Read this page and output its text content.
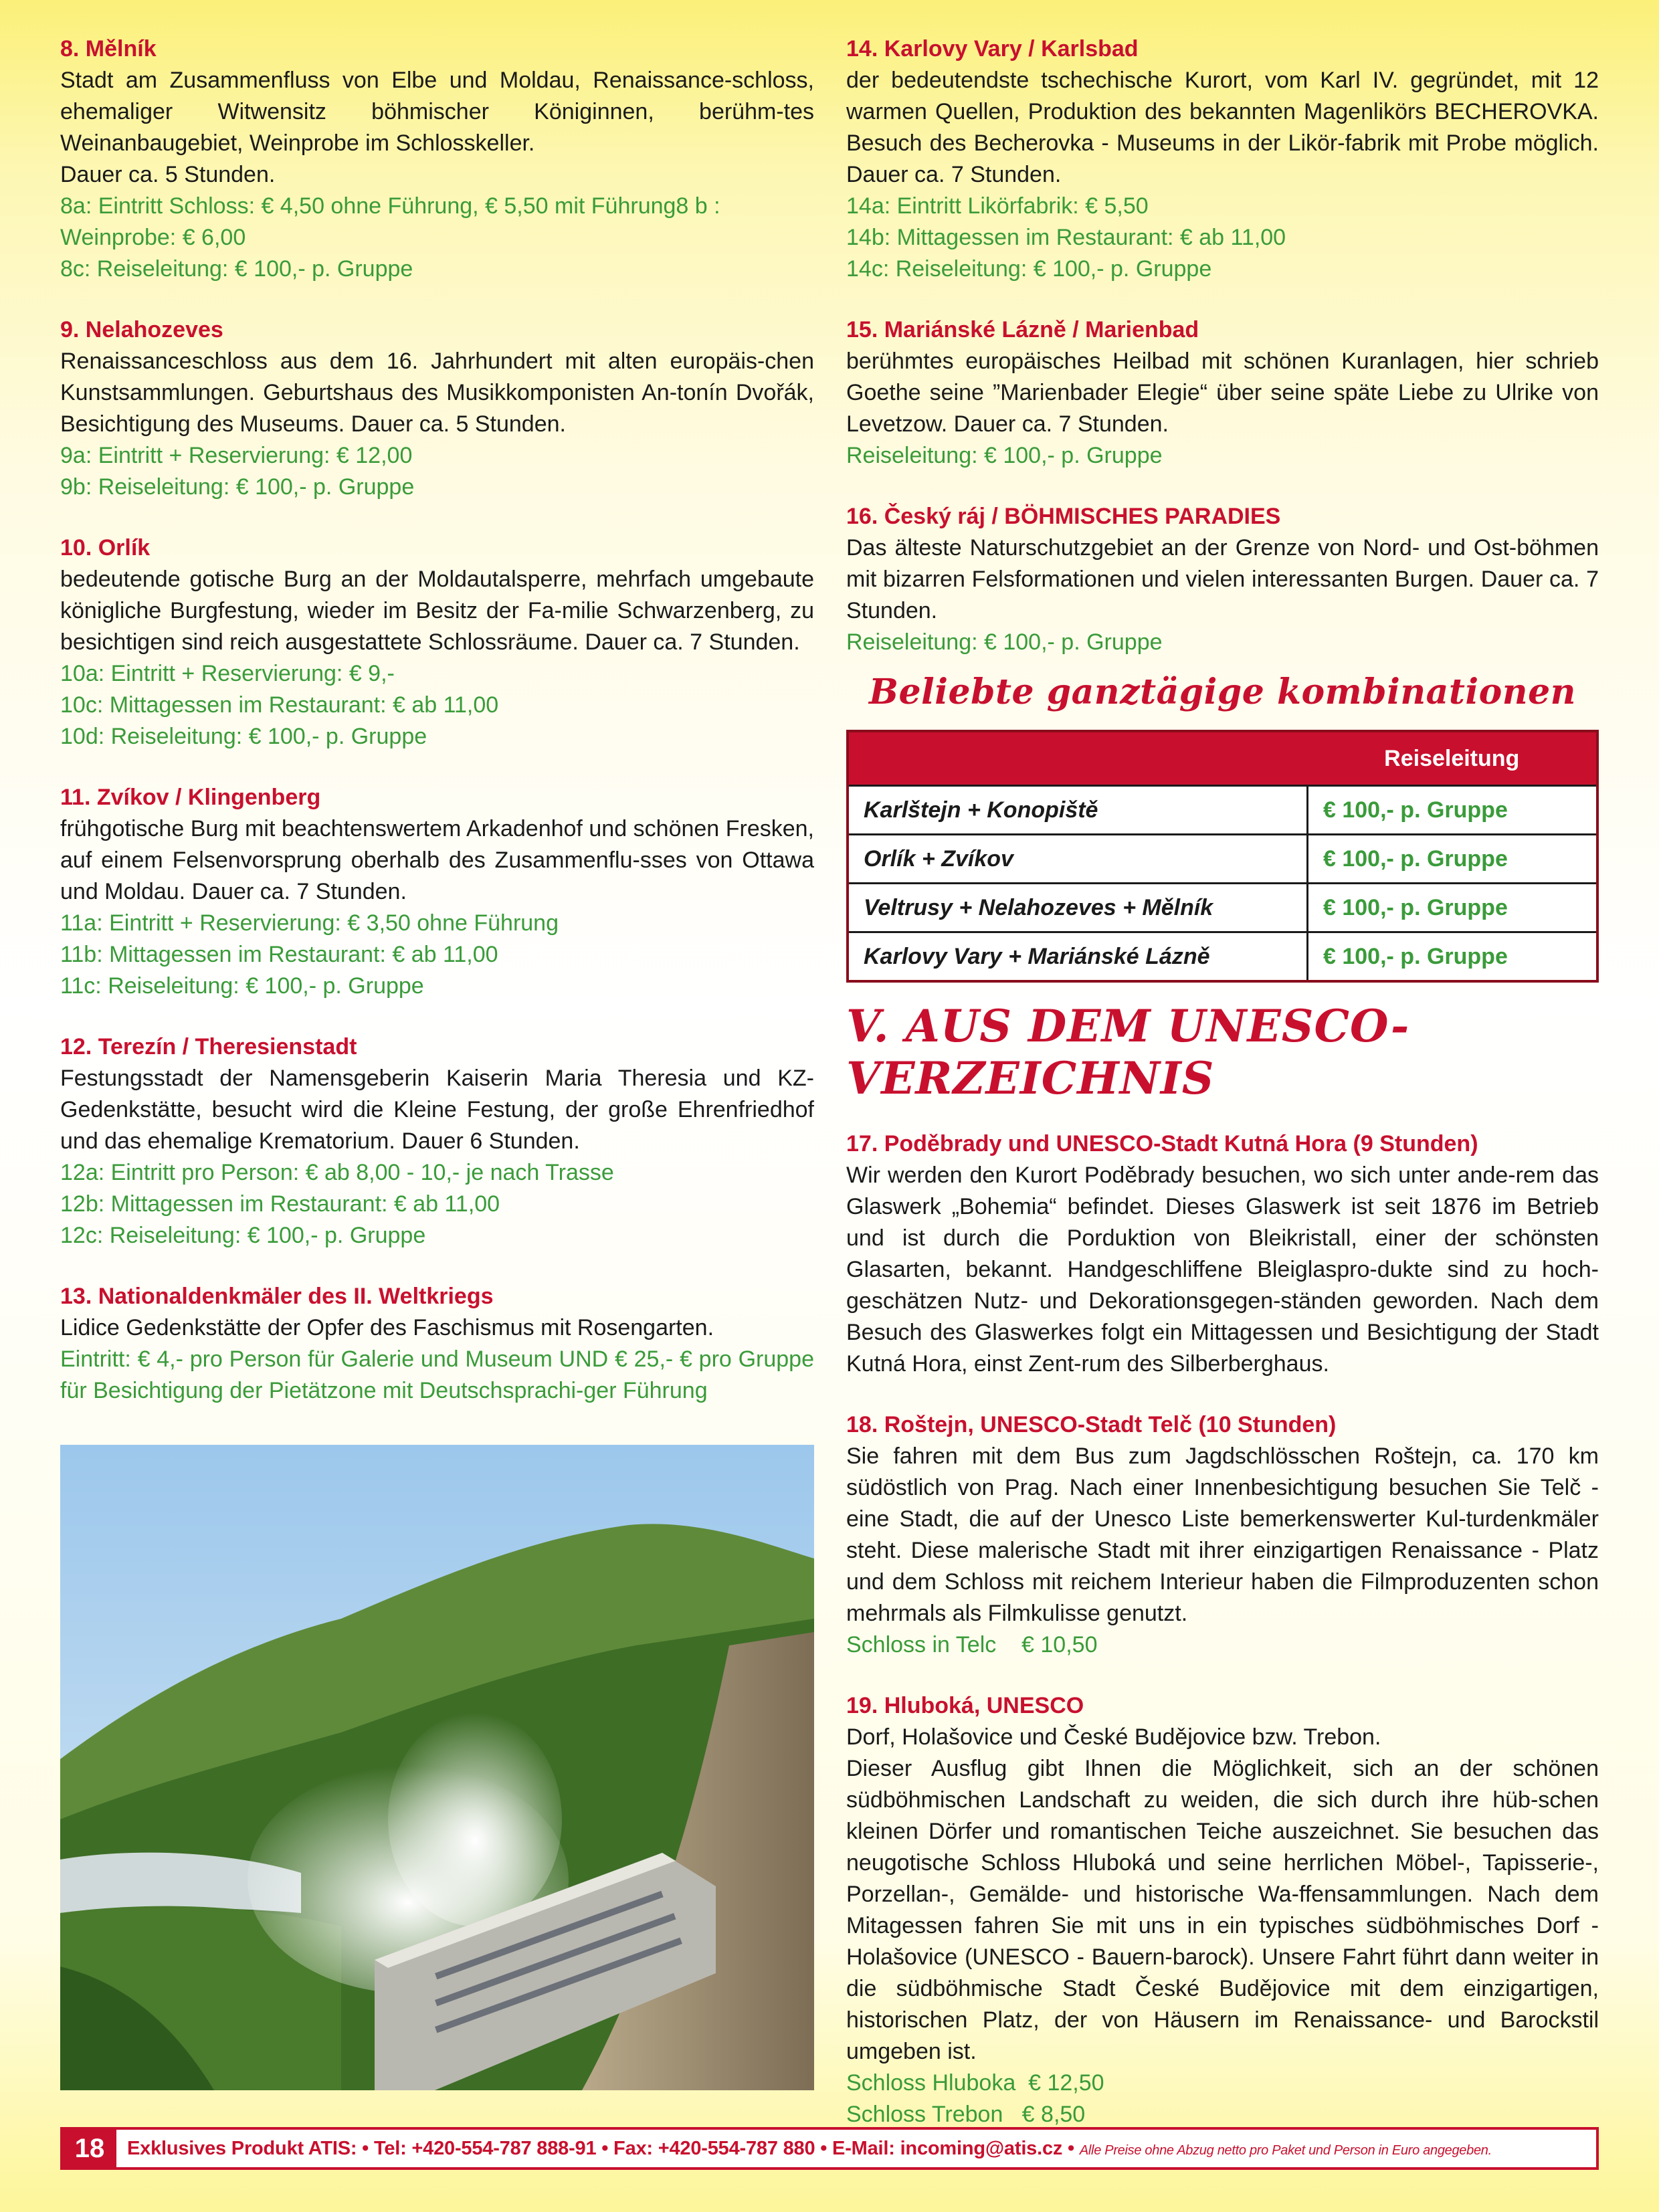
8. Mělník

Stadt am Zusammenfluss von Elbe und Moldau, Renaissance-schloss, ehemaliger Witwensitz böhmischer Königinnen, berühm-tes Weinanbaugebiet, Weinprobe im Schlosskeller.

Dauer ca. 5 Stunden.

8a: Eintritt Schloss: € 4,50 ohne Führung, € 5,50 mit Führung8 b : Weinprobe: € 6,00

8c: Reiseleitung: € 100,- p. Gruppe

9. Nelahozeves

Renaissanceschloss aus dem 16. Jahrhundert mit alten europäis-chen Kunstsammlungen. Geburtshaus des Musikkomponisten An-tonín Dvořák, Besichtigung des Museums. Dauer ca. 5 Stunden.

9a: Eintritt + Reservierung: € 12,00

9b: Reiseleitung: € 100,- p. Gruppe

10. Orlík

bedeutende gotische Burg an der Moldautalsperre, mehrfach umgebaute königliche Burgfestung, wieder im Besitz der Fa-milie Schwarzenberg, zu besichtigen sind reich ausgestattete Schlossräume. Dauer ca. 7 Stunden.

10a: Eintritt + Reservierung: € 9,-

10c: Mittagessen im Restaurant: € ab 11,00

10d: Reiseleitung: € 100,- p. Gruppe

11. Zvíkov / Klingenberg

frühgotische Burg mit beachtenswertem Arkadenhof und schönen Fresken, auf einem Felsenvorsprung oberhalb des Zusammenflu-sses von Ottawa und Moldau. Dauer ca. 7 Stunden.

11a: Eintritt + Reservierung: € 3,50 ohne Führung

11b: Mittagessen im Restaurant: € ab 11,00

11c: Reiseleitung: € 100,- p. Gruppe

12. Terezín / Theresienstadt

Festungsstadt der Namensgeberin Kaiserin Maria Theresia und KZ-Gedenkstätte, besucht wird die Kleine Festung, der große Ehrenfriedhof und das ehemalige Krematorium. Dauer 6 Stunden.

12a: Eintritt pro Person: € ab 8,00 - 10,- je nach Trasse

12b: Mittagessen im Restaurant: € ab 11,00

12c: Reiseleitung: € 100,- p. Gruppe

13. Nationaldenkmäler des II. Weltkriegs

Lidice Gedenkstätte der Opfer des Faschismus mit Rosengarten.

Eintritt: € 4,- pro Person für Galerie und Museum UND € 25,- € pro Gruppe für Besichtigung der Pietätzone mit Deutschsprachi-ger Führung

14. Karlovy Vary / Karlsbad

der bedeutendste tschechische Kurort, vom Karl IV. gegründet, mit 12 warmen Quellen, Produktion des bekannten Magenlikörs BECHEROVKA. Besuch des Becherovka - Museums in der Likör-fabrik mit Probe möglich. Dauer ca. 7 Stunden.

14a: Eintritt Likörfabrik: € 5,50

14b: Mittagessen im Restaurant: € ab 11,00

14c: Reiseleitung: € 100,- p. Gruppe

15. Mariánské Lázně / Marienbad

berühmtes europäisches Heilbad mit schönen Kuranlagen, hier schrieb Goethe seine ”Marienbader Elegie“ über seine späte Liebe zu Ulrike von Levetzow. Dauer ca. 7 Stunden.

Reiseleitung: € 100,- p. Gruppe

16. Český ráj / BÖHMISCHES PARADIES

Das älteste Naturschutzgebiet an der Grenze von Nord- und Ost-böhmen mit bizarren Felsformationen und vielen interessanten Burgen. Dauer ca. 7 Stunden.

Reiseleitung: € 100,- p. Gruppe

Beliebte ganztägige kombinationen
	Reiseleitung
Karlštejn + Konopiště	€ 100,- p. Gruppe
Orlík + Zvíkov	€ 100,- p. Gruppe
Veltrusy + Nelahozeves + Mělník	€ 100,- p. Gruppe
Karlovy Vary + Mariánské Lázně	€ 100,- p. Gruppe
V. AUS DEM UNESCO-VERZEICHNIS
17. Poděbrady und UNESCO-Stadt Kutná Hora (9 Stunden)

Wir werden den Kurort Poděbrady besuchen, wo sich unter ande-rem das Glaswerk „Bohemia“ befindet. Dieses Glaswerk ist seit 1876 im Betrieb und ist durch die Porduktion von Bleikristall, einer der schönsten Glasarten, bekannt. Handgeschliffene Bleiglaspro-dukte sind zu hoch-geschätzen Nutz- und Dekorationsgegen-ständen geworden. Nach dem Besuch des Glaswerkes folgt ein Mittagessen und Besichtigung der Stadt Kutná Hora, einst Zent-rum des Silberberghaus.

18. Roštejn, UNESCO-Stadt Telč (10 Stunden)

Sie fahren mit dem Bus zum Jagdschlösschen Roštejn, ca. 170 km südöstlich von Prag. Nach einer Innenbesichtigung besuchen Sie Telč - eine Stadt, die auf der Unesco Liste bemerkenswerter Kul-turdenkmäler steht. Diese malerische Stadt mit ihrer einzigartigen Renaissance - Platz und dem Schloss mit reichem Interieur haben die Filmproduzenten schon mehrmals als Filmkulisse genutzt.

Schloss in Telc    € 10,50

19. Hluboká, UNESCO

Dorf, Holašovice und České Budějovice bzw. Trebon.

Dieser Ausflug gibt Ihnen die Möglichkeit, sich an der schönen südböhmischen Landschaft zu weiden, die sich durch ihre hüb-schen kleinen Dörfer und romantischen Teiche auszeichnet. Sie besuchen das neugotische Schloss Hluboká und seine herrlichen Möbel-, Tapisserie-, Porzellan-, Gemälde- und historische Wa-ffensammlungen. Nach dem Mitagessen fahren Sie mit uns in ein typisches südböhmisches Dorf - Holašovice (UNESCO - Bauern-barock). Unsere Fahrt führt dann weiter in die südböhmische Stadt České Budějovice mit dem einzigartigen, historischen Platz, der von Häusern im Renaissance- und Barockstil umgeben ist.

Schloss Hluboka  € 12,50

Schloss Trebon   € 8,50

18	Exklusives Produkt ATIS: • Tel: +420-554-787 888-91 • Fax: +420-554-787 880 • E-Mail: incoming@atis.cz • Alle Preise ohne Abzug netto pro Paket und Person in Euro angegeben.
